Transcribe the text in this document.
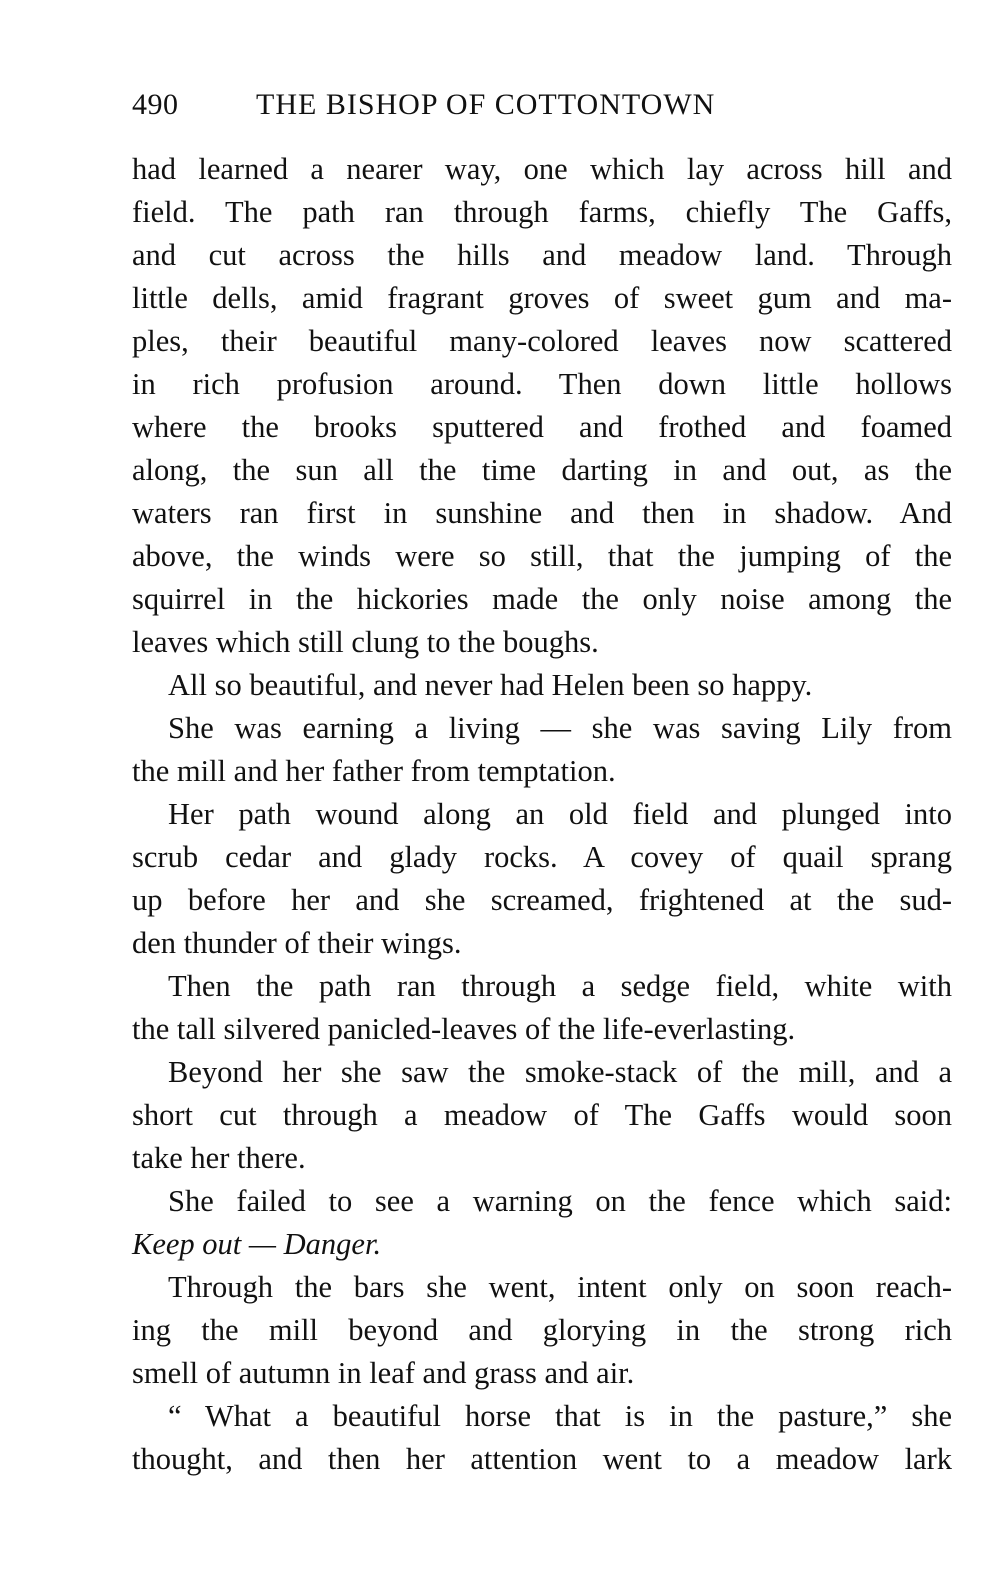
490	THE BISHOP OF COTTONTOWN
had learned a nearer way, one which lay across hill and
field. The path ran through farms, chiefly The Gaffs,
and cut across the hills and meadow land. Through
little dells, amid fragrant groves of sweet gum and ma-
ples, their beautiful many-colored leaves now scattered
in rich profusion around. Then down little hollows
where the brooks sputtered and frothed and foamed
along, the sun all the time darting in and out, as the
waters ran first in sunshine and then in shadow. And
above, the winds were so still, that the jumping of the
squirrel in the hickories made the only noise among the
leaves which still clung to the boughs.
All so beautiful, and never had Helen been so happy.
She was earning a living — she was saving Lily from
the mill and her father from temptation.
Her path wound along an old field and plunged into
scrub cedar and glady rocks. A covey of quail sprang
up before her and she screamed, frightened at the sud-
den thunder of their wings.
Then the path ran through a sedge field, white with
the tall silvered panicled-leaves of the life-everlasting.
Beyond her she saw the smoke-stack of the mill, and a
short cut through a meadow of The Gaffs would soon
take her there.
She failed to see a warning on the fence which said:
Keep out — Danger.
Through the bars she went, intent only on soon reach-
ing the mill beyond and glorying in the strong rich
smell of autumn in leaf and grass and air.
“ What a beautiful horse that is in the pasture,” she
thought, and then her attention went to a meadow lark
